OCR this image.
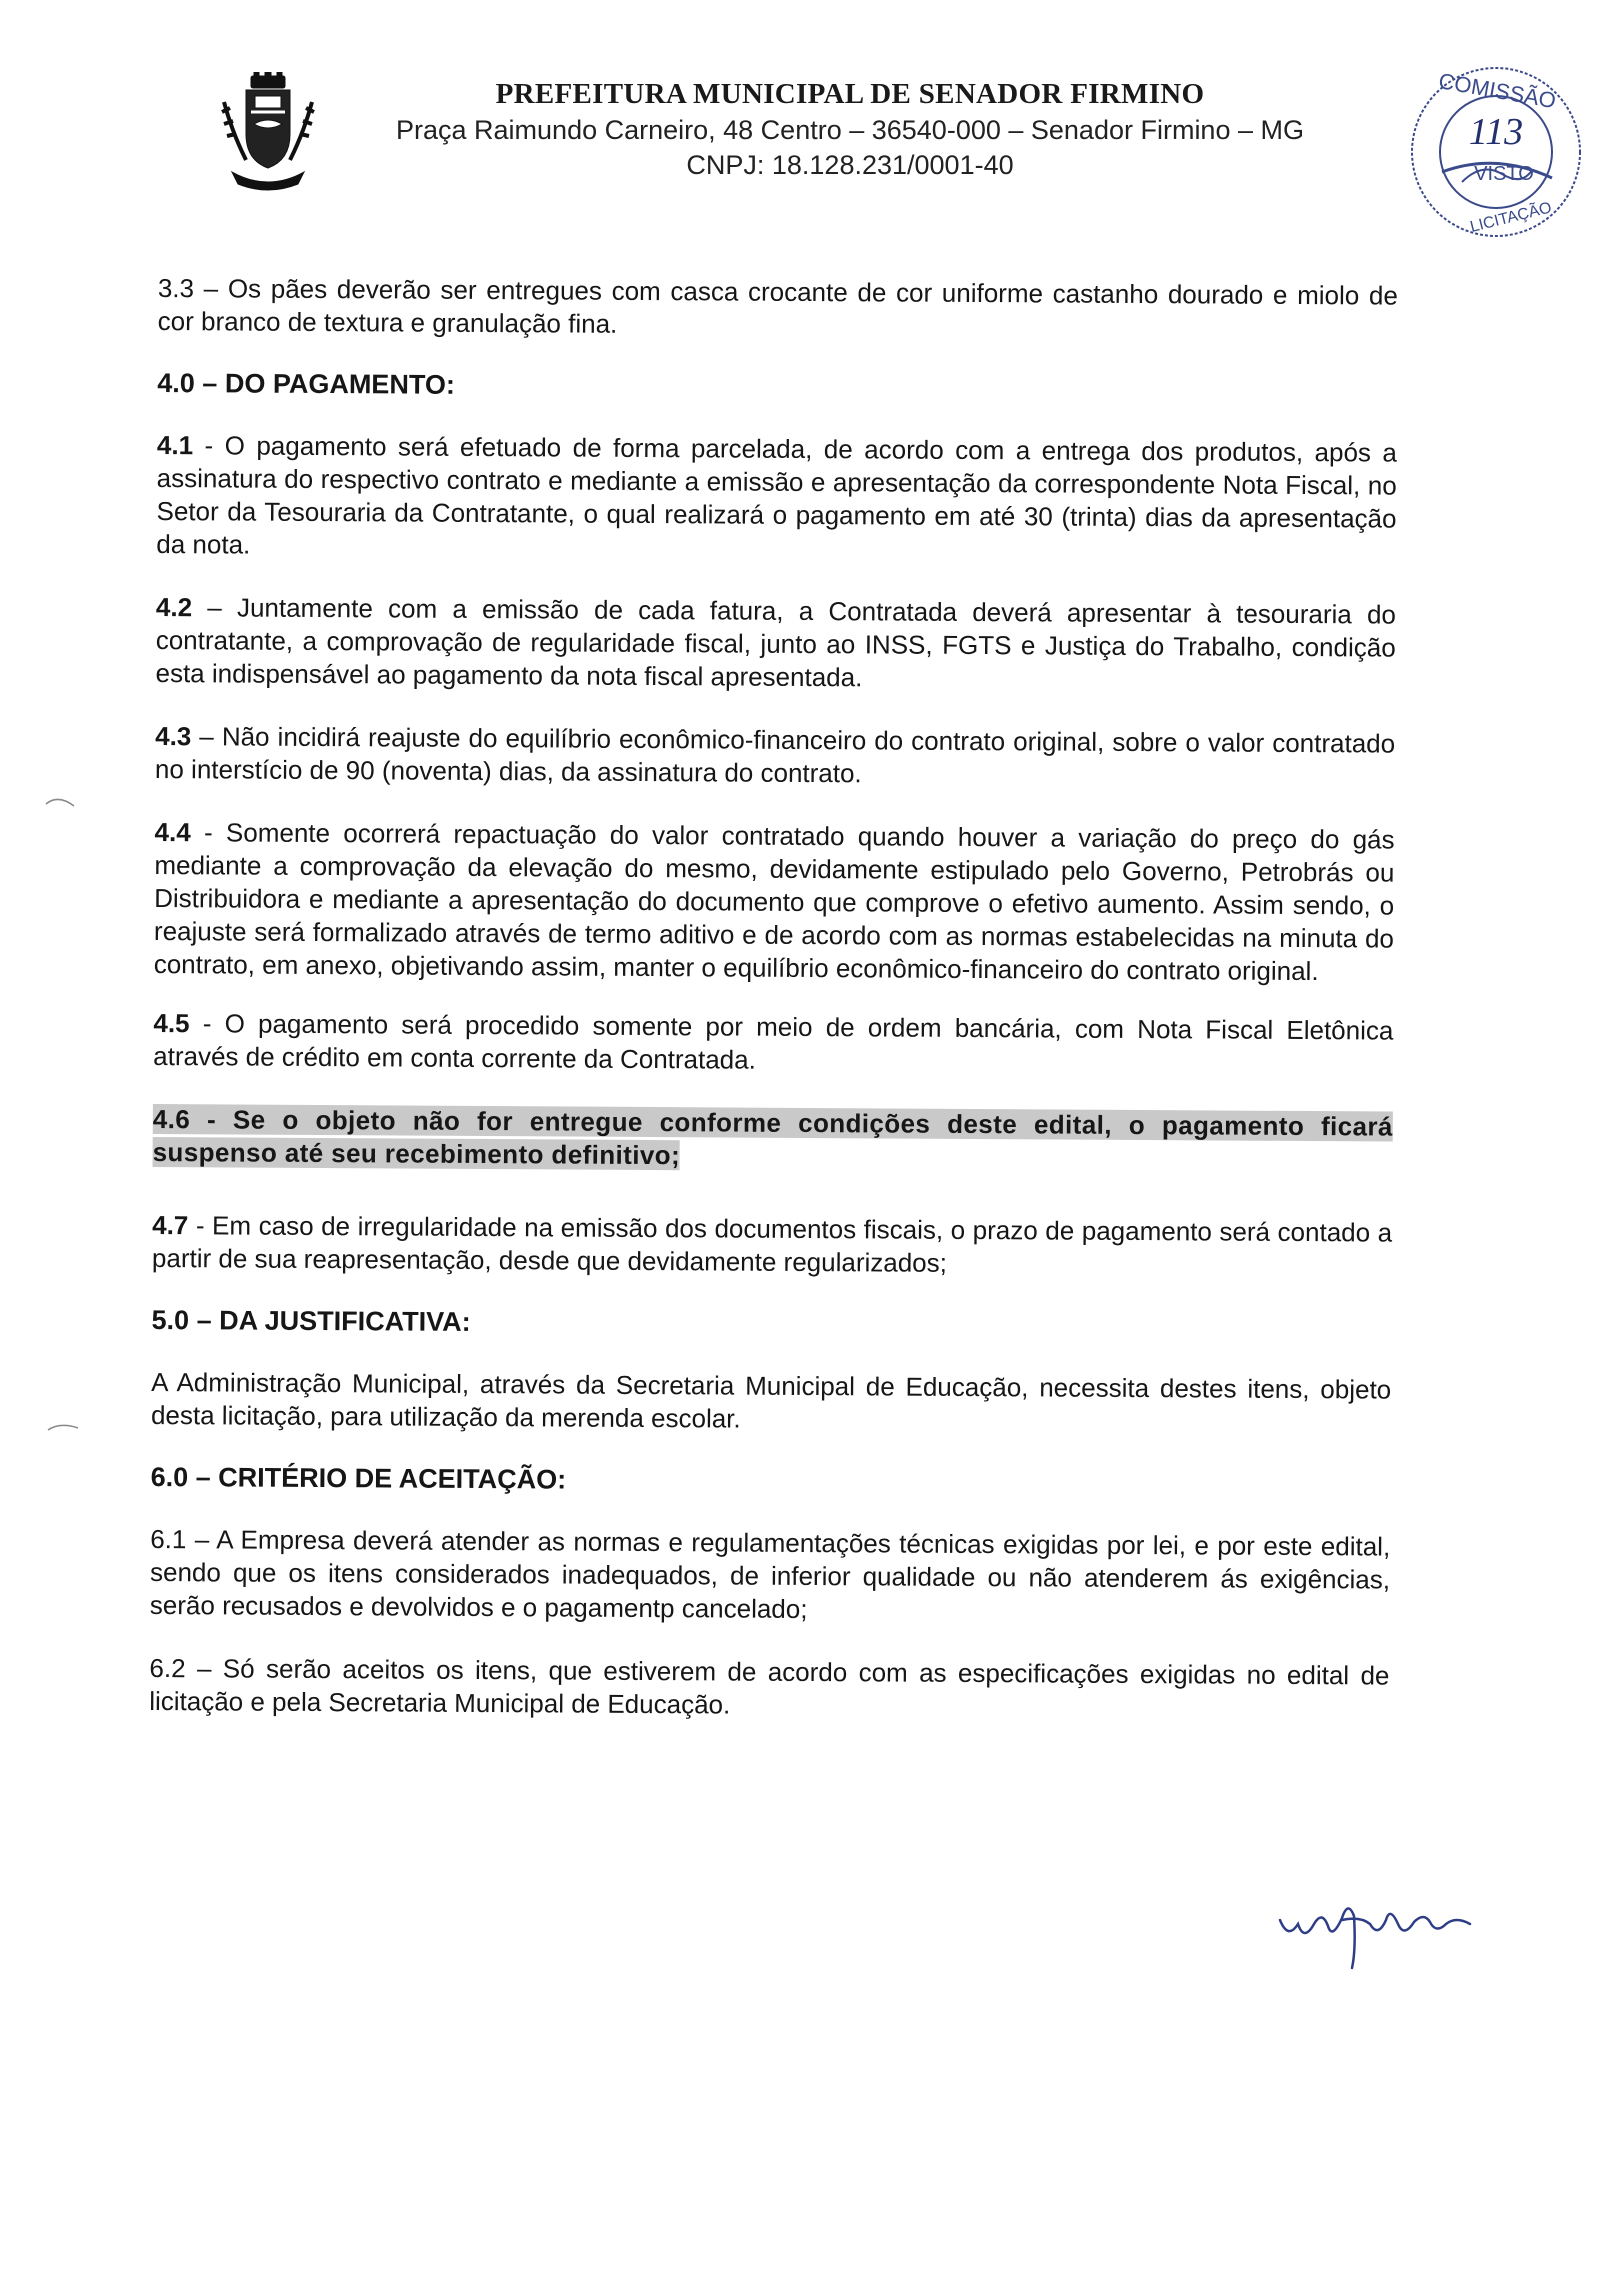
PREFEITURA MUNICIPAL DE SENADOR FIRMINO
Praça Raimundo Carneiro, 48 Centro – 36540-000 – Senador Firmino – MG
CNPJ: 18.128.231/0001-40
COMISSÃO
113
VISTO
LICITAÇÃO

3.3 – Os pães deverão ser entregues com casca crocante de cor uniforme castanho dourado e miolo de cor branco de textura e granulação fina.

4.0 – DO PAGAMENTO:

4.1 - O pagamento será efetuado de forma parcelada, de acordo com a entrega dos produtos, após a assinatura do respectivo contrato e mediante a emissão e apresentação da correspondente Nota Fiscal, no Setor da Tesouraria da Contratante, o qual realizará o pagamento em até 30 (trinta) dias da apresentação da nota.

4.2 – Juntamente com a emissão de cada fatura, a Contratada deverá apresentar à tesouraria do contratante, a comprovação de regularidade fiscal, junto ao INSS, FGTS e Justiça do Trabalho, condição esta indispensável ao pagamento da nota fiscal apresentada.

4.3 – Não incidirá reajuste do equilíbrio econômico-financeiro do contrato original, sobre o valor contratado no interstício de 90 (noventa) dias, da assinatura do contrato.

4.4 - Somente ocorrerá repactuação do valor contratado quando houver a variação do preço do gás mediante a comprovação da elevação do mesmo, devidamente estipulado pelo Governo, Petrobrás ou Distribuidora e mediante a apresentação do documento que comprove o efetivo aumento. Assim sendo, o reajuste será formalizado através de termo aditivo e de acordo com as normas estabelecidas na minuta do contrato, em anexo, objetivando assim, manter o equilíbrio econômico-financeiro do contrato original.

4.5 - O pagamento será procedido somente por meio de ordem bancária, com Nota Fiscal Eletônica através de crédito em conta corrente da Contratada.

4.6 - Se o objeto não for entregue conforme condições deste edital, o pagamento ficará suspenso até seu recebimento definitivo;

4.7 - Em caso de irregularidade na emissão dos documentos fiscais, o prazo de pagamento será contado a partir de sua reapresentação, desde que devidamente regularizados;

5.0 – DA JUSTIFICATIVA:

A Administração Municipal, através da Secretaria Municipal de Educação, necessita destes itens, objeto desta licitação, para utilização da merenda escolar.

6.0 – CRITÉRIO DE ACEITAÇÃO:

6.1 – A Empresa deverá atender as normas e regulamentações técnicas exigidas por lei, e por este edital, sendo que os itens considerados inadequados, de inferior qualidade ou não atenderem ás exigências, serão recusados e devolvidos e o pagamentp cancelado;

6.2 – Só serão aceitos os itens, que estiverem de acordo com as especificações exigidas no edital de licitação e pela Secretaria Municipal de Educação.
